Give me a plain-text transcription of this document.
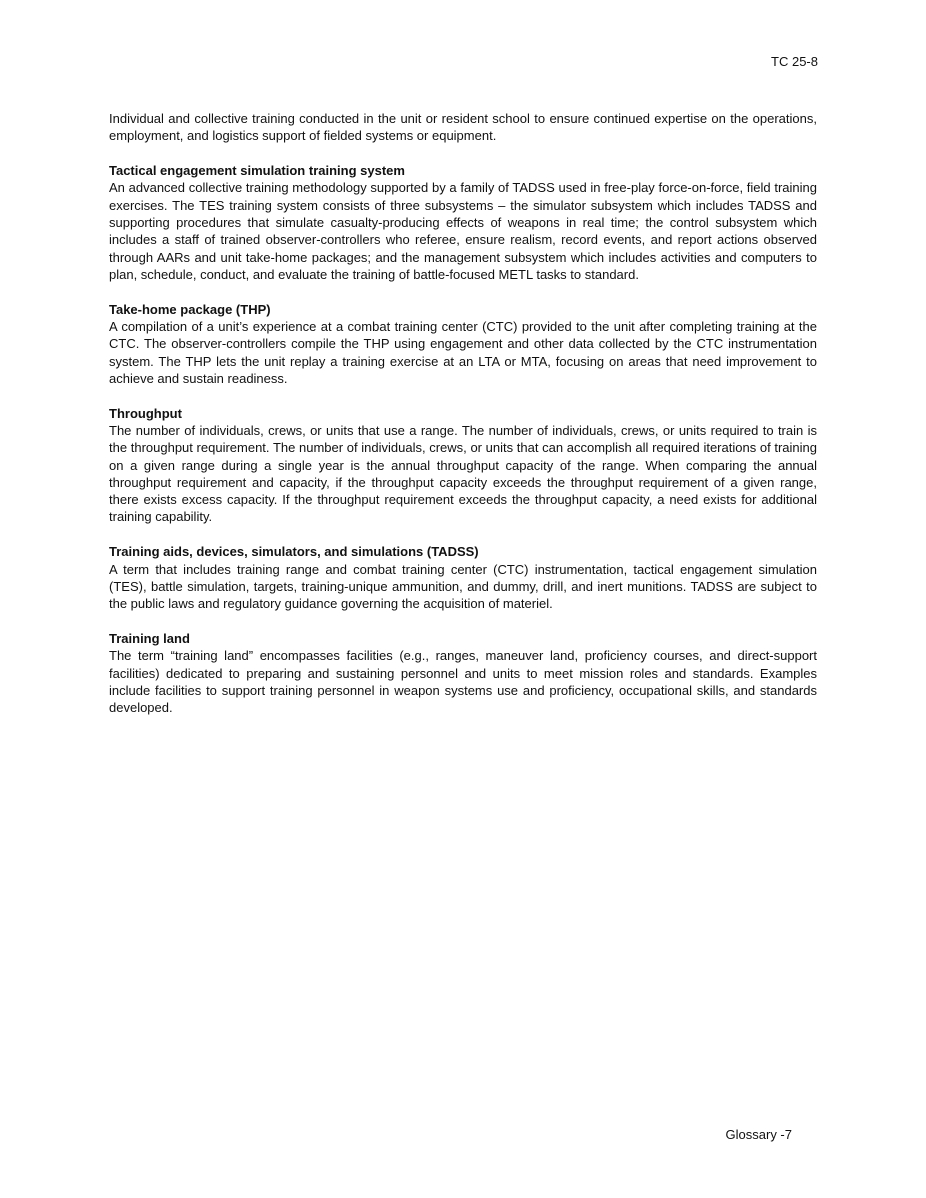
TC 25-8

Individual and collective training conducted in the unit or resident school to ensure continued expertise on the operations, employment, and logistics support of fielded systems or equipment.

Tactical engagement simulation training system

An advanced collective training methodology supported by a family of TADSS used in free-play force-on-force, field training exercises. The TES training system consists of three subsystems – the simulator subsystem which includes TADSS and supporting procedures that simulate casualty-producing effects of weapons in real time; the control subsystem which includes a staff of trained observer-controllers who referee, ensure realism, record events, and report actions observed through AARs and unit take-home packages; and the management subsystem which includes activities and computers to plan, schedule, conduct, and evaluate the training of battle-focused METL tasks to standard.

Take-home package (THP)

A compilation of a unit’s experience at a combat training center (CTC) provided to the unit after completing training at the CTC. The observer-controllers compile the THP using engagement and other data collected by the CTC instrumentation system. The THP lets the unit replay a training exercise at an LTA or MTA, focusing on areas that need improvement to achieve and sustain readiness.

Throughput

The number of individuals, crews, or units that use a range. The number of individuals, crews, or units required to train is the throughput requirement. The number of individuals, crews, or units that can accomplish all required iterations of training on a given range during a single year is the annual throughput capacity of the range. When comparing the annual throughput requirement and capacity, if the throughput capacity exceeds the throughput requirement of a given range, there exists excess capacity. If the throughput requirement exceeds the throughput capacity, a need exists for additional training capability.

Training aids, devices, simulators, and simulations (TADSS)

A term that includes training range and combat training center (CTC) instrumentation, tactical engagement simulation (TES), battle simulation, targets, training-unique ammunition, and dummy, drill, and inert munitions. TADSS are subject to the public laws and regulatory guidance governing the acquisition of materiel.

Training land

The term “training land” encompasses facilities (e.g., ranges, maneuver land, proficiency courses, and direct-support facilities) dedicated to preparing and sustaining personnel and units to meet mission roles and standards. Examples include facilities to support training personnel in weapon systems use and proficiency, occupational skills, and standards developed.

Glossary -7
